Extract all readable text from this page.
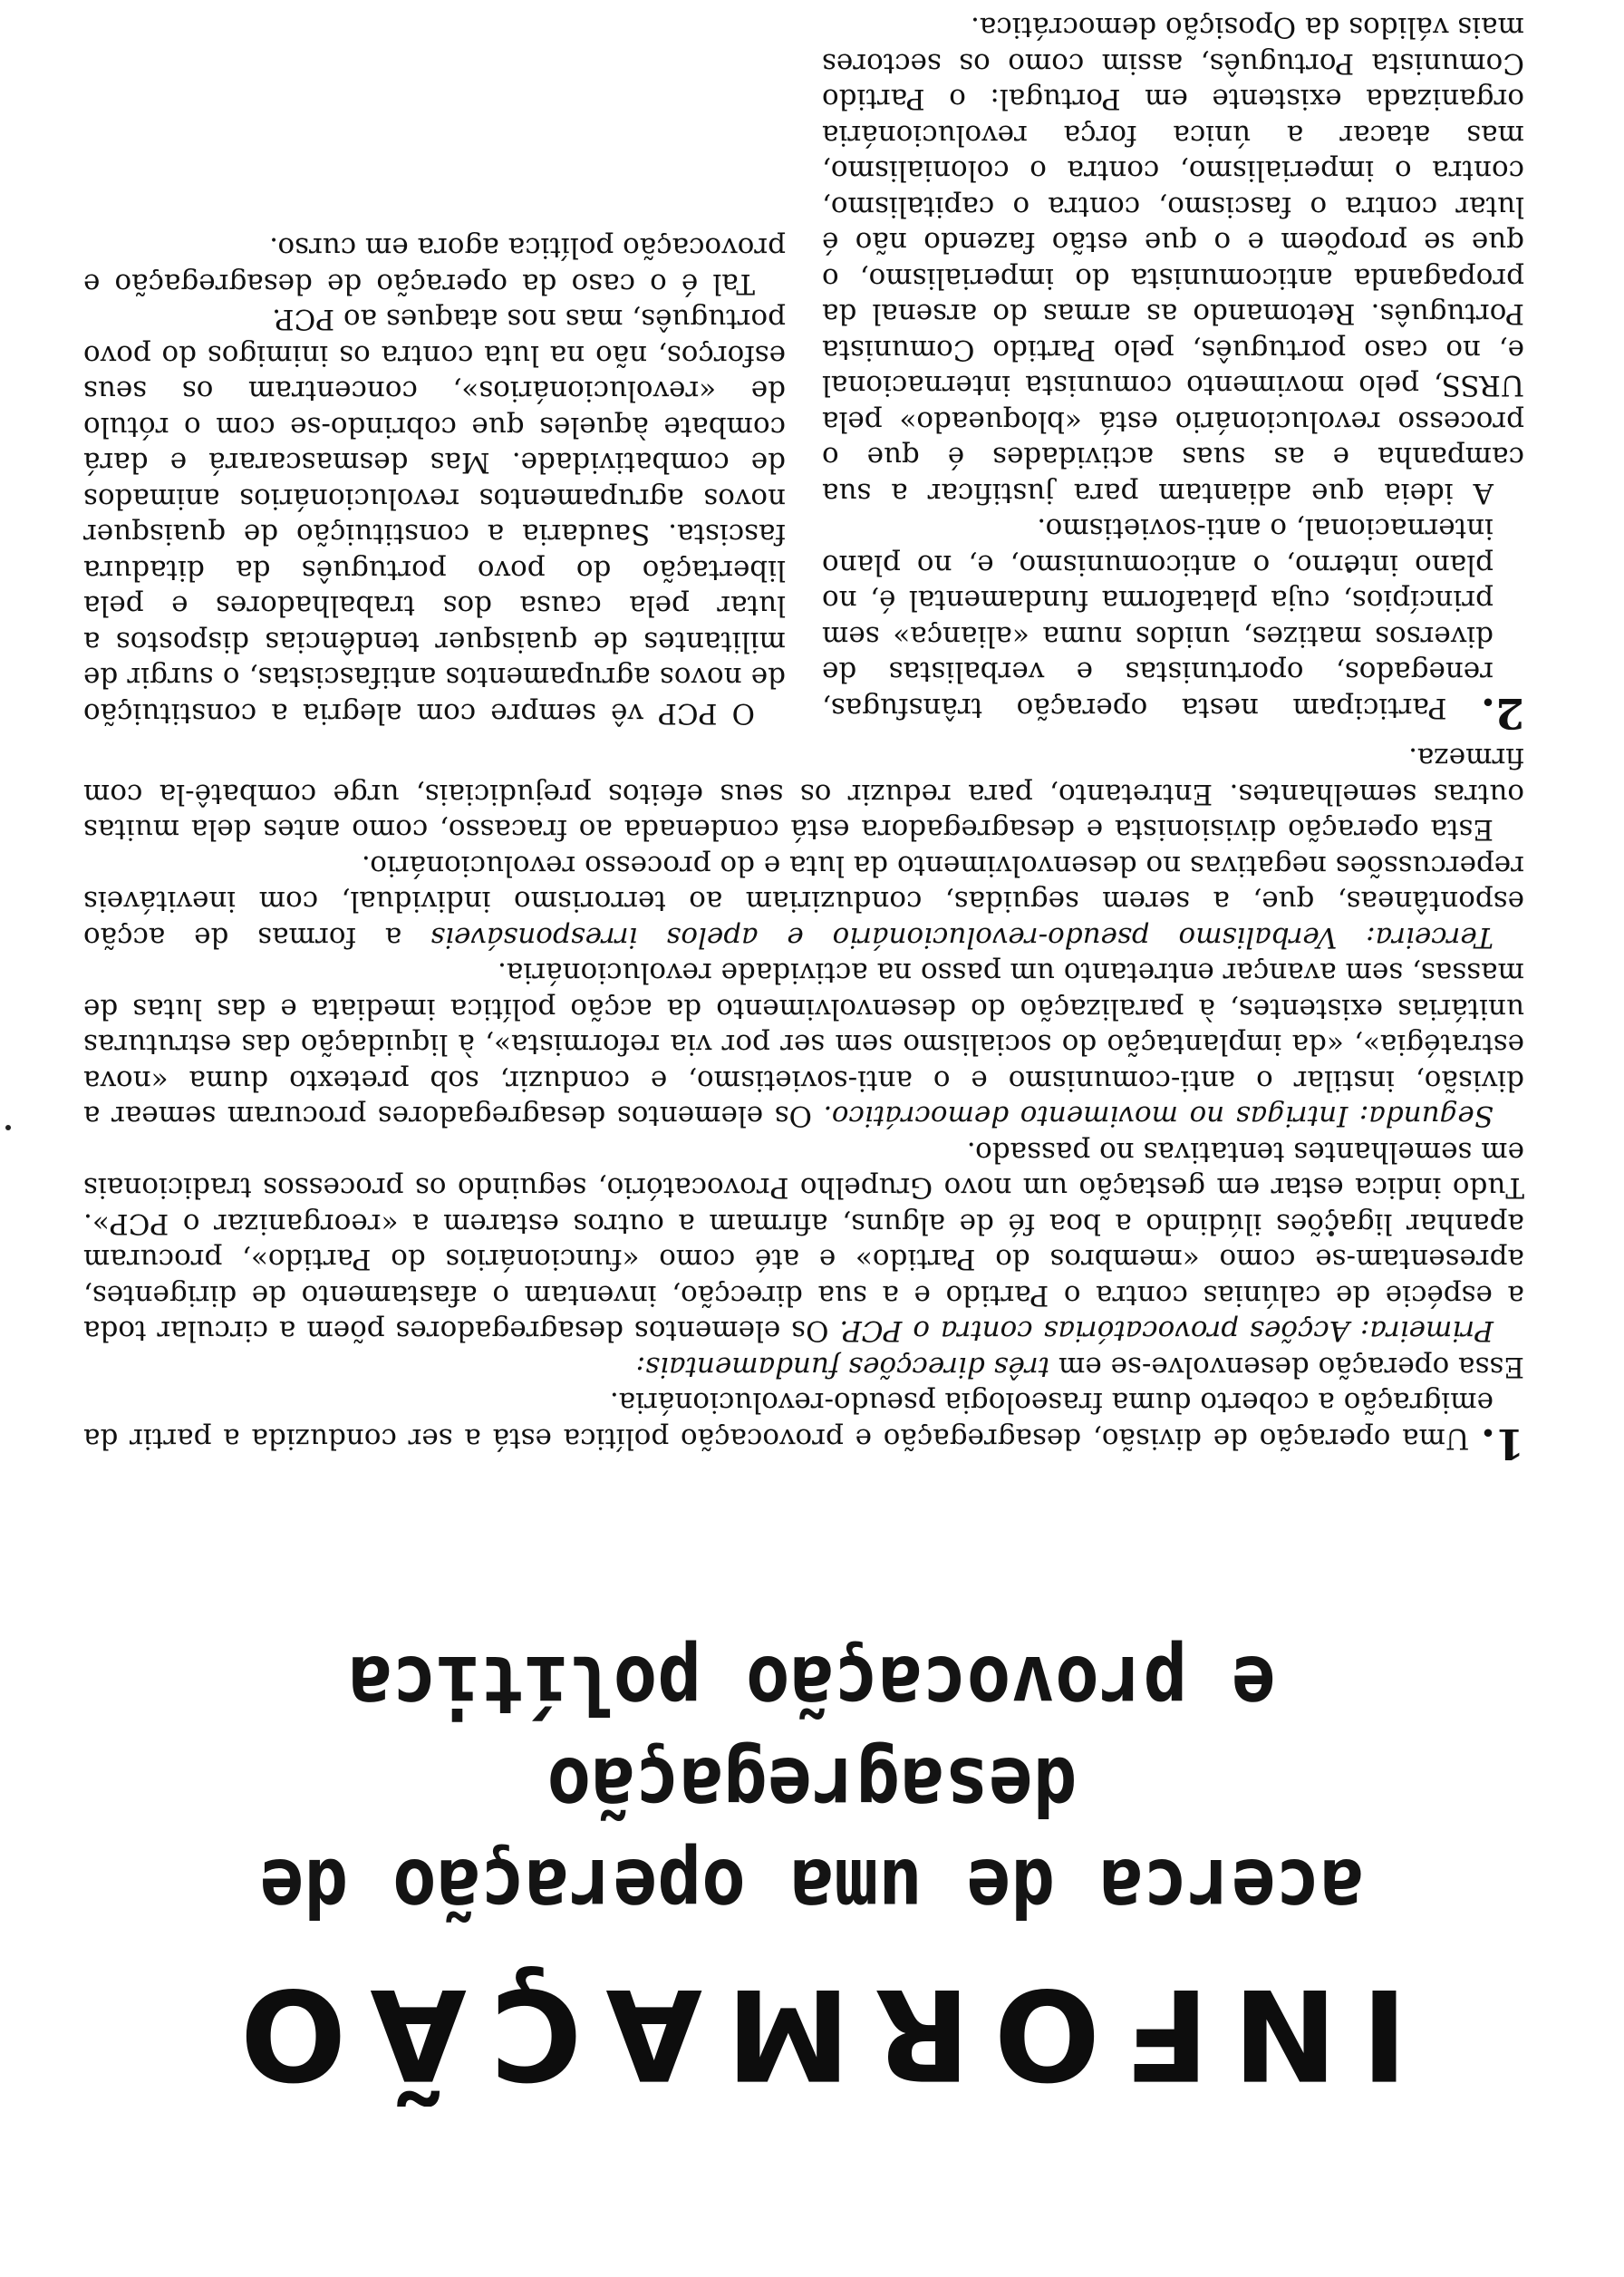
INFORMAÇÃO
acerca de uma operação de desagregação
e provocação política

1. Uma operação de divisão, desagregação e provocação política está a ser conduzida a partir da emigração a coberto duma fraseologia pseudo-revolucionária.

Essa operação desenvolve-se em três direcções fundamentais:

Primeira: Acções provocatórias contra o PCP. Os elementos desagregadores põem a circular toda a espécie de calúnias contra o Partido e a sua direcção, inventam o afastamento de dirigentes, apresentam-se como «membros do Partido» e até como «funcionários do Partido», procuram apanhar ligações ilúdindo a boa fé de alguns, afirmam a outros estarem a «reorganizar o PCP». Tudo indica estar em gestação um novo Grupelho Provocatório, seguindo os processos tradicionais em semelhantes tentativas no passado.

Segunda: Intrigas no movimento democrático. Os elementos desagregadores procuram semear a divisão, instilar o anti-comunismo e o anti-sovietismo, e conduzir, sob pretexto duma «nova estratégia», «da implantação do socialismo sem ser por via reformista», à liquidação das estruturas unitárias existentes, à paralização do desenvolvimento da acção política imediata e das lutas de massas, sem avançar entretanto um passo na actividade revolucionária.

Terceira: Verbalismo pseudo-revolucionário e apelos irresponsáveis a formas de acção espontâneas, que, a serem seguidas, conduziriam ao terrorismo individual, com inevitáveis repercussões negativas no desenvolvimento da luta e do processo revolucionário.

Esta operação divisionista e desagregadora está condenada ao fracasso, como antes dela muitas outras semelhantes. Entretanto, para reduzir os seus efeitos prejudiciais, urge combatê-la com firmeza.

2. Participam nesta operação trânsfugas, renegados, oportunistas e verbalistas de diversos matizes, unidos numa «aliança» sem princípios, cuja plataforma fundamental é, no plano interno, o anticomunismo, e, no plano internacional, o anti-sovietismo.

A ideia que adiantam para justificar a sua campanha e as suas actividades é que o processo revolucionário está «bloqueado» pela URSS, pelo movimento comunista internacional e, no caso português, pelo Partido Comunista Português. Retomando as armas do arsenal da propaganda anticomunista do imperialismo, o que se propõem e o que estão fazendo não é lutar contra o fascismo, contra o capitalismo, contra o imperialismo, contra o colonialismo, mas atacar a única força revolucionária organizada existente em Portugal: o Partido Comunista Português, assim como os sectores mais válidos da Oposição democrática.

O PCP vê sempre com alegria a constituição de novos agrupamentos antifascistas, o surgir de militantes de quaisquer tendências dispostos a lutar pela causa dos trabalhadores e pela libertação do povo português da ditadura fascista. Saudaria a constituição de quaisquer novos agrupamentos revolucionários animados de combatividade. Mas desmascarará e dará combate àqueles que cobrindo-se com o rótulo de «revolucionários», concentram os seus esforços, não na luta contra os inimigos do povo português, mas nos ataques ao PCP.

Tal é o caso da operação de desagregação e provocação política agora em curso.
